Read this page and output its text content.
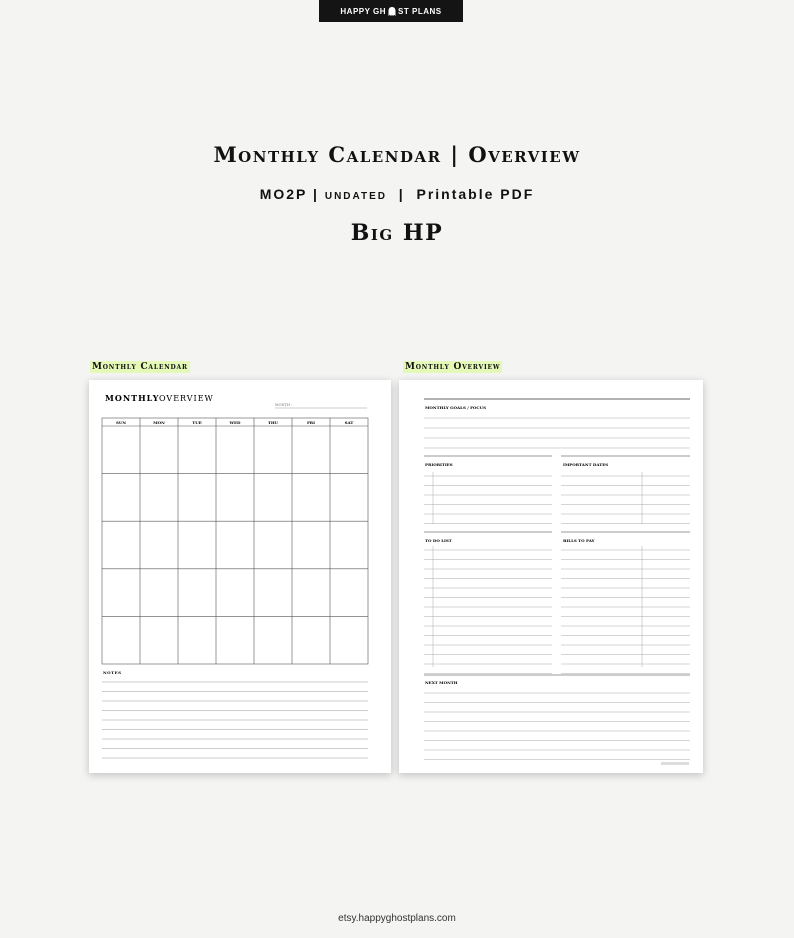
HAPPY GH ST PLANS
Monthly Calendar | Overview
MO2P | undated | Printable PDF
Big HP
Monthly Calendar	Monthly Overview
MONTHLY OVERVIEW
MONTH :
SUN	MON	TUE	WED	THU	FRI	SAT
NOTES
MONTHLY GOALS / FOCUS
PRIORITIES	IMPORTANT DATES
TO DO LIST	BILLS TO PAY
NEXT MONTH
etsy.happyghostplans.com
